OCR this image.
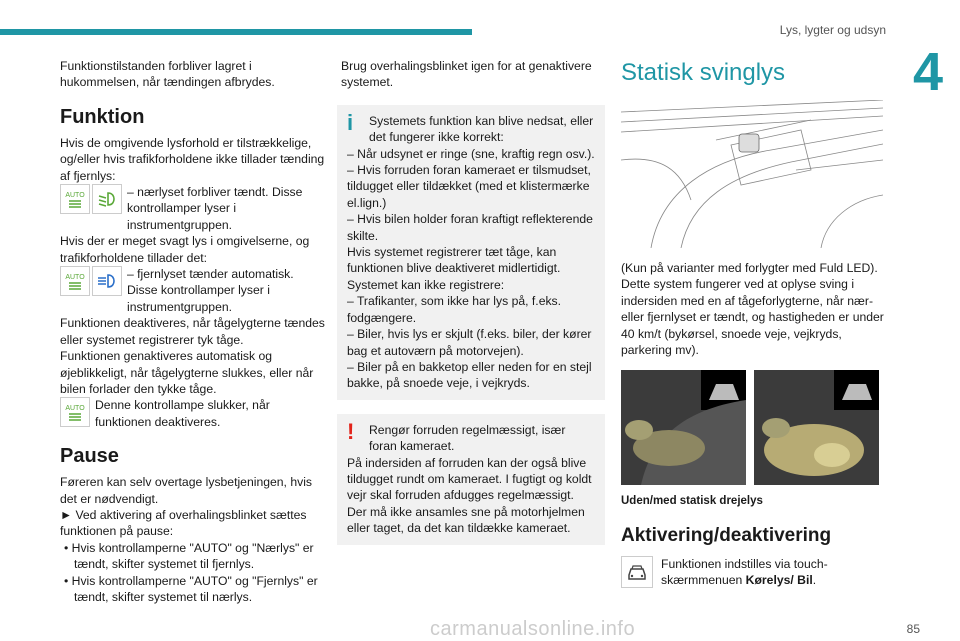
Lys, lygter og udsyn
4

Funktionstilstanden forbliver lagret i hukommelsen, når tændingen afbrydes.

Funktion

Hvis de omgivende lysforhold er tilstrækkelige, og/eller hvis trafikforholdene ikke tillader tænding af fjernlys:

AUTO	– nærlyset forbliver tændt. Disse kontrollamper lyser i instrumentgruppen.

Hvis der er meget svagt lys i omgivelserne, og trafikforholdene tillader det:

AUTO	– fjernlyset tænder automatisk. Disse kontrollamper lyser i instrumentgruppen.

Funktionen deaktiveres, når tågelygterne tændes eller systemet registrerer tyk tåge.

Funktionen genaktiveres automatisk og øjeblikkeligt, når tågelygterne slukkes, eller når bilen forlader den tykke tåge.

AUTO Denne kontrollampe slukker, når funktionen deaktiveres.
Pause

Føreren kan selv overtage lysbetjeningen, hvis det er nødvendigt.

► Ved aktivering af overhalingsblinket sættes funktionen på pause:

• Hvis kontrollamperne "AUTO" og "Nærlys" er tændt, skifter systemet til fjernlys.

• Hvis kontrollamperne "AUTO" og "Fjernlys" er tændt, skifter systemet til nærlys.

Brug overhalingsblinket igen for at genaktivere systemet.

i	Systemets funktion kan blive nedsat, eller det fungerer ikke korrekt:

– Når udsynet er ringe (sne, kraftig regn osv.).

– Hvis forruden foran kameraet er tilsmudset, tildugget eller tildækket (med et klistermærke el.lign.)

– Hvis bilen holder foran kraftigt reflekterende skilte.

Hvis systemet registrerer tæt tåge, kan funktionen blive deaktiveret midlertidigt.

Systemet kan ikke registrere:

– Trafikanter, som ikke har lys på, f.eks. fodgængere.

– Biler, hvis lys er skjult (f.eks. biler, der kører bag et autoværn på motorvejen).

– Biler på en bakketop eller neden for en stejl bakke, på snoede veje, i vejkryds.

!	Rengør forruden regelmæssigt, især foran kameraet.

På indersiden af forruden kan der også blive tildugget rundt om kameraet. I fugtigt og koldt vejr skal forruden afdugges regelmæssigt.

Der må ikke ansamles sne på motorhjelmen eller taget, da det kan tildække kameraet.

Statisk svinglys

(Kun på varianter med forlygter med Fuld LED).

Dette system fungerer ved at oplyse sving i indersiden med en af tågeforlygterne, når nær- eller fjernlyset er tændt, og hastigheden er under 40 km/t (bykørsel, snoede veje, vejkryds, parkering mv).

Uden/med statisk drejelys

Aktivering/deaktivering
Funktionen indstilles via touch-skærmmenuen Kørelys/ Bil.
carmanualsonline.info	85
